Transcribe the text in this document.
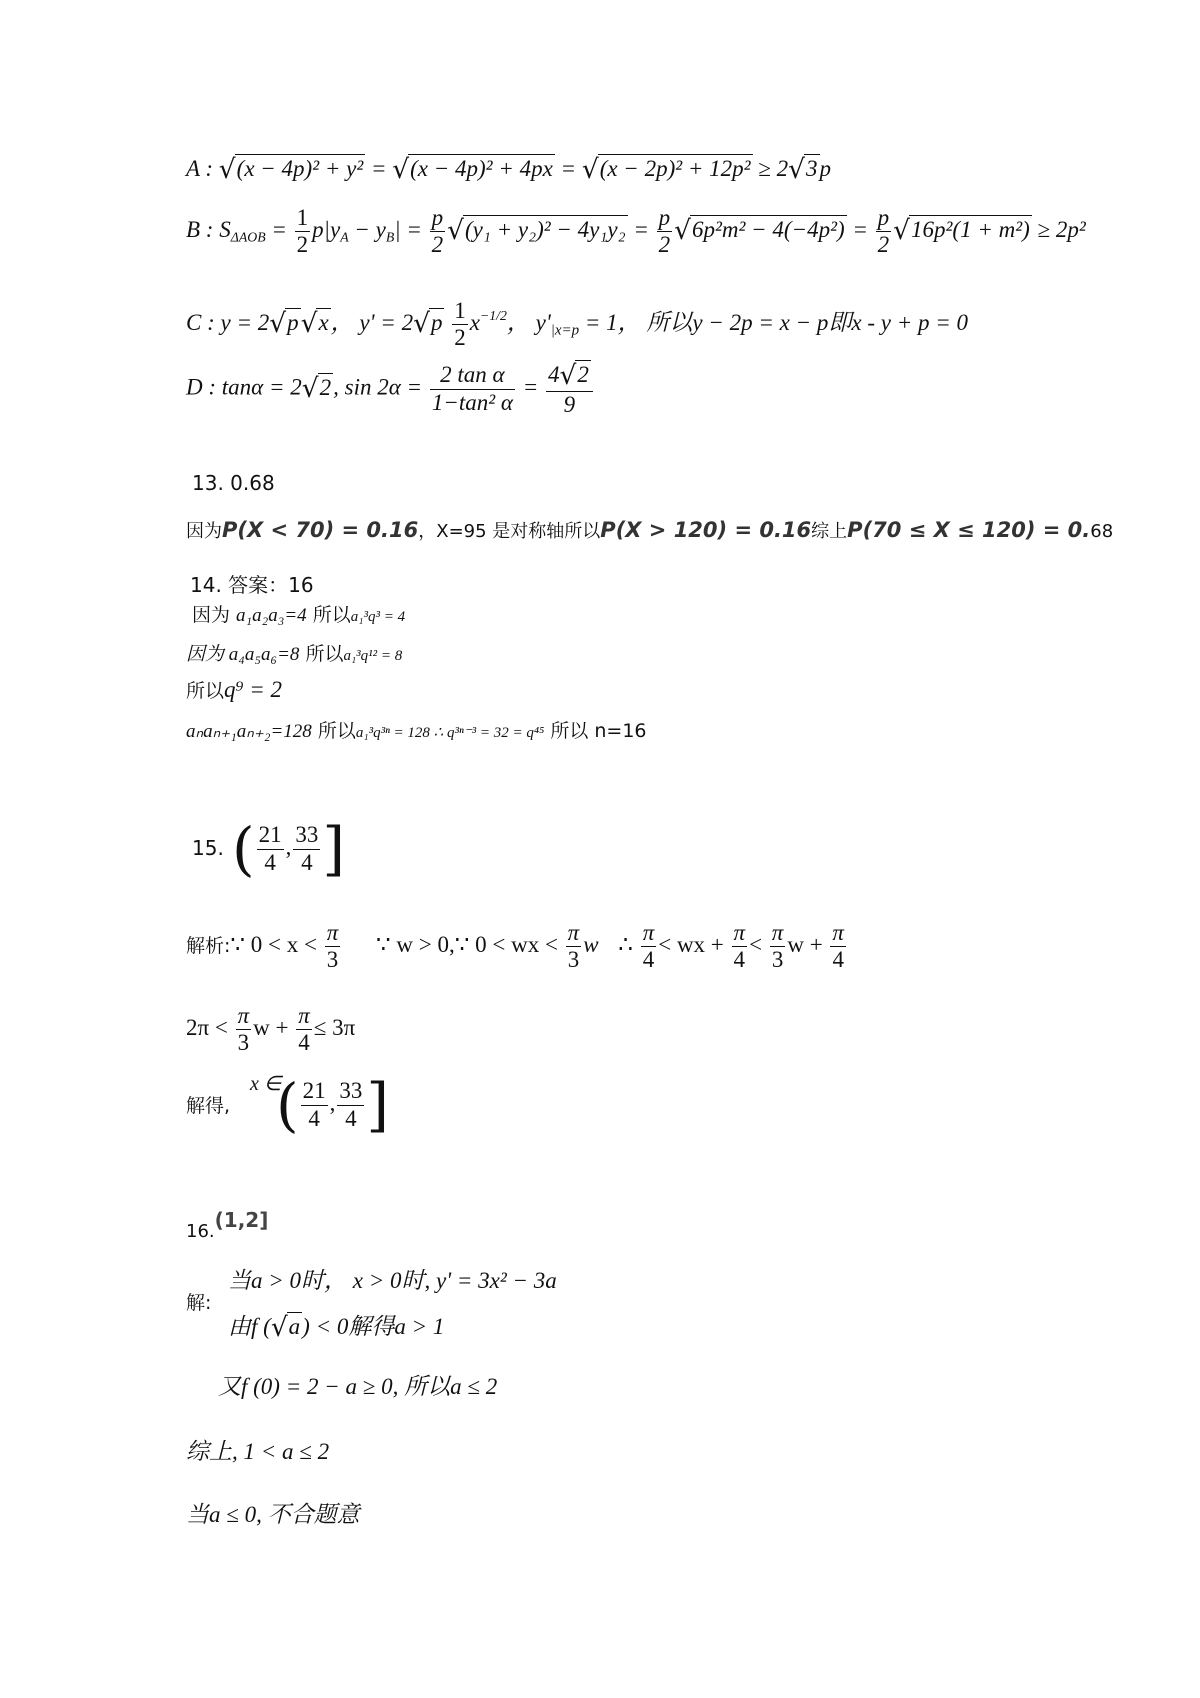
A : √(x − 4p)² + y² = √(x − 4p)² + 4px = √(x − 2p)² + 12p² ≥ 2√3p
B : $S_{\Delta AOB} = \frac{1}{2} p|y_A - y_B| = \frac{p}{2} √(y_1 + y_2)^2 - 4y_1y_2 = \frac{p}{2} √6p^2m^2 - 4(-4p^2) = \frac{p}{2} √16p^2(1 + m^2) \ge 2p^2$
C : y = 2√p√x， $y' = 2√p \frac{1}{2} x^{-1/2}$， $y'_{|x=p} = 1$， 所以y − 2p = x − p即x - y + p = 0
D : tanα = 2√2, $\sin 2\alpha = \frac{\text{2 tan α}}{\text{1−tan² α}} = \frac{4√2}{9}$
13. 0.68
因为P(X < 70) = 0.16，X=95 是对称轴所以P(X > 120) = 0.16综上P(70 ≤ X ≤ 120) = 0.68
14. 答案：16
因为 a₁a₂a₃=4 所以a₁³q³ = 4
因为 a₄a₅a₆=8 所以a₁³q¹² = 8
所以q⁹ = 2
aₙaₙ₊₁aₙ₊₂=128 所以a₁³q³ⁿ = 128 ∴ q³ⁿ⁻³ = 32 = q⁴⁵ 所以 n=16
15. ( $\frac{21}{4}$ , $\frac{33}{4}$ ]
解析:∵ $0 < x < \frac{\pi}{3}$ ∵ w > 0,∵ 0 < wx < $\frac{\pi}{3}$ w ∴ $\frac{\pi}{4}$ < wx + $\frac{\pi}{4} < \frac{\pi}{3}$ $w + \frac{\pi}{4}$
$2\pi < \frac{\pi}{3}$ $w + \frac{\pi}{4} \le 3\pi$
解得,
x ∈
( $\frac{21}{4}$ , $\frac{33}{4}$ ]
16.(1,2]
解:
当a > 0时， x > 0时, y' = 3x² − 3a
由f (√a) < 0解得a > 1
又f (0) = 2 − a ≥ 0, 所以a ≤ 2
综上, 1 < a ≤ 2
当a ≤ 0, 不合题意
